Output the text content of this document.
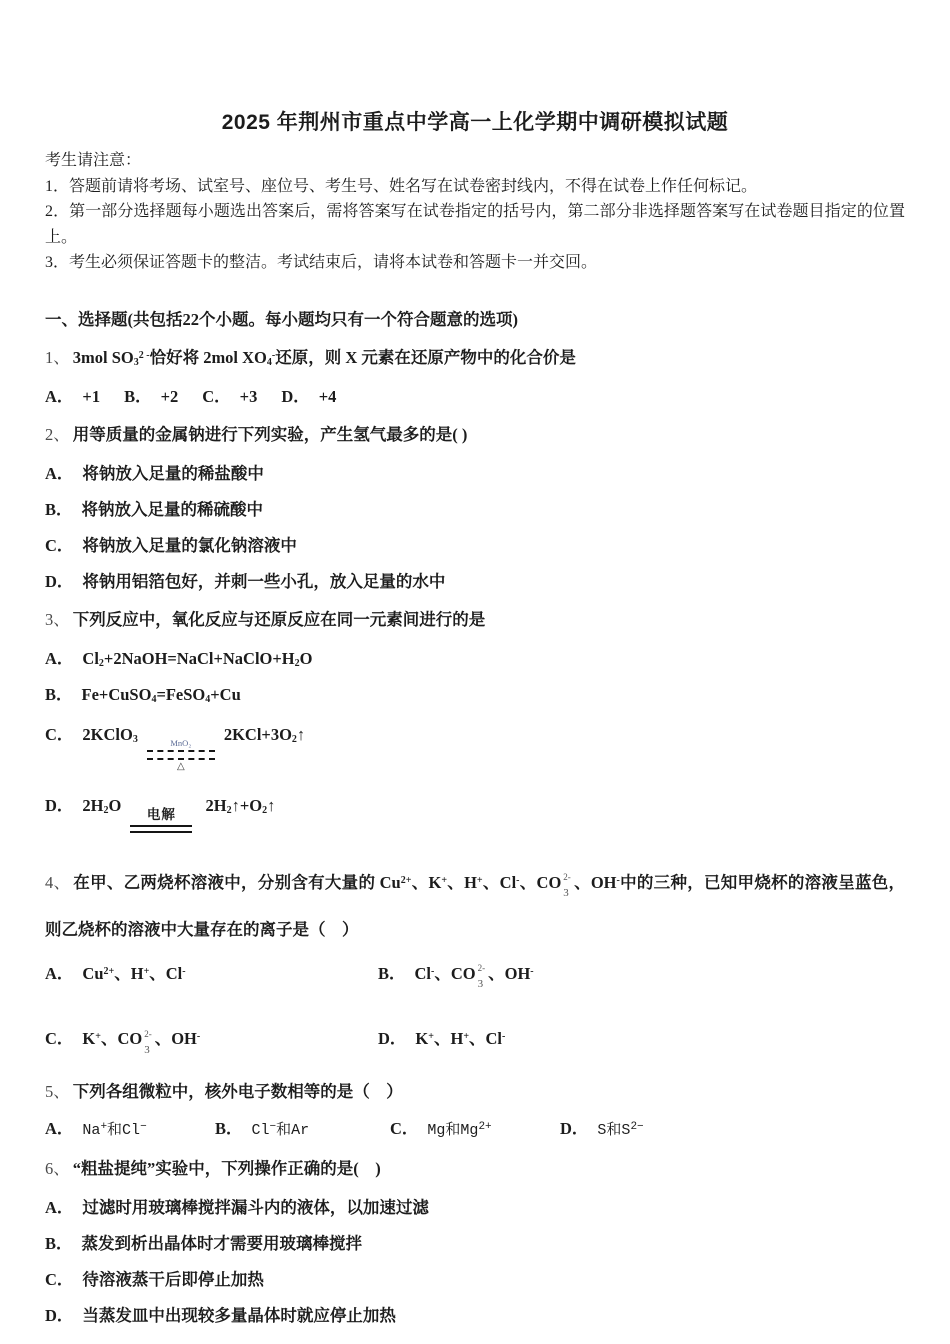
2025 年荆州市重点中学高一上化学期中调研模拟试题
考生请注意：
1．答题前请将考场、试室号、座位号、考生号、姓名写在试卷密封线内，不得在试卷上作任何标记。
2．第一部分选择题每小题选出答案后，需将答案写在试卷指定的括号内，第二部分非选择题答案写在试卷题目指定的位置上。
3．考生必须保证答题卡的整洁。考试结束后，请将本试卷和答题卡一并交回。
一、选择题(共包括22个小题。每小题均只有一个符合题意的选项)
1、 3mol $SO_3^{2 -}$恰好将 2mol $XO_4^-$还原，则 X 元素在还原产物中的化合价是
A． +1 B． +2 C． +3 D． +4
2、 用等质量的金属钠进行下列实验，产生氢气最多的是( )
A． 将钠放入足量的稀盐酸中
B． 将钠放入足量的稀硫酸中
C． 将钠放入足量的氯化钠溶液中
D． 将钠用铝箔包好，并刺一些小孔，放入足量的水中
3、 下列反应中，氧化反应与还原反应在同一元素间进行的是
A． $Cl_2+2NaOH=NaCl+NaClO+H_2O$
B． Fe+CuSO$_4$=FeSO$_4$+Cu
C． 2KClO$_3$	MnO₂
△
$2KCl+3O_2↑$
D． $2H_2O$ 电解 $2H_2↑+O_2↑$
4、 在甲、乙两烧杯溶液中，分别含有大量的 $Cu^{2+}$、K+、H+、Cl-、CO 2-
3
、OH-中的三种，已知甲烧杯的溶液呈蓝色，则乙烧杯的溶液中大量存在的离子是（　）
A． $Cu^{2+}$、H+、Cl-	B． Cl-、CO 2-
3
、OH-
C． K+、CO 2-
3
、OH-	D． K+、H+、Cl-
5、 下列各组微粒中，核外电子数相等的是（　）
A． Na+和Cl−	B． Cl−和Ar	C． Mg和$Mg^{2+}$	D． S和$S^{2-}$
6、 “粗盐提纯”实验中，下列操作正确的是(　)
A． 过滤时用玻璃棒搅拌漏斗内的液体，以加速过滤
B． 蒸发到析出晶体时才需要用玻璃棒搅拌
C． 待溶液蒸干后即停止加热
D． 当蒸发皿中出现较多量晶体时就应停止加热
